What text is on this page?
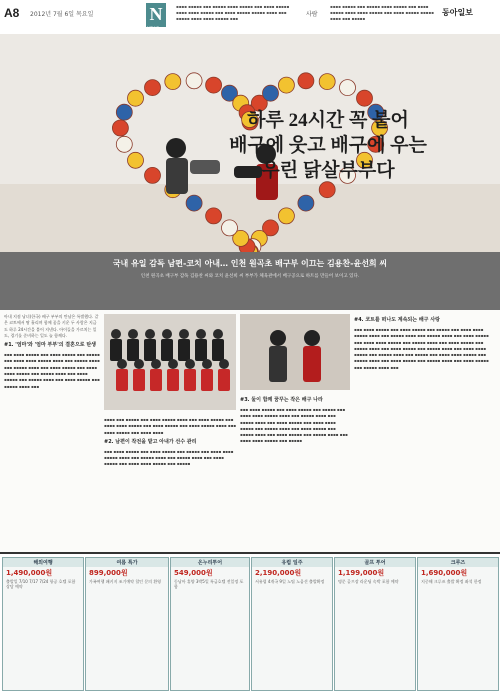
A8 2012년 7월 6일 목요일
▪▪▪▪ ▪▪▪▪▪ ▪▪▪ ▪▪▪▪▪ ▪▪▪▪ ▪▪▪▪▪ ▪▪▪ ▪▪▪▪ ▪▪▪▪▪ ▪▪▪▪ ▪▪▪▪ ▪▪▪▪▪ ▪▪▪ ▪▪▪▪ ▪▪▪▪▪ ▪▪▪▪▪ ▪▪▪▪ ▪▪▪ ▪▪▪▪▪ ▪▪▪▪ ▪▪▪▪ ▪▪▪▪▪ ▪▪▪
N
NEWS
사람
▪▪▪▪ ▪▪▪▪▪ ▪▪▪ ▪▪▪▪▪ ▪▪▪▪ ▪▪▪▪▪ ▪▪▪ ▪▪▪▪ ▪▪▪▪▪ ▪▪▪▪ ▪▪▪▪ ▪▪▪▪▪ ▪▪▪ ▪▪▪▪ ▪▪▪▪▪ ▪▪▪▪▪ ▪▪▪▪ ▪▪▪ ▪▪▪▪▪
동아일보
하루 24시간 꼭 붙어
배구에 웃고 배구에 우는
우린 닭살부부다
국내 유일 감독 남편-코치 아내… 인천 원곡초 배구부 이끄는 김용찬-윤선희 씨
인천 원곡초 배구부 감독 김용찬 씨와 코치 윤선희 씨 부부가 체육관에서 배구공으로 하트를 만들어 보이고 있다.
아내 지점 남녀(한국) 배구 부부의 만남은 특별했다. 같은 코트에서 땀 흘리며 함께 꿈을 키운 두 사람은 지금도 하루 24시간을 붙어 지낸다. 아이들을 가르치는 일도, 경기를 준비하는 일도 늘 함께다.
#1. '엄마'와 '엄마 부부'의 결혼으로 탄생
▪▪▪ ▪▪▪▪ ▪▪▪▪▪ ▪▪▪ ▪▪▪▪ ▪▪▪▪▪ ▪▪▪ ▪▪▪▪▪ ▪▪▪ ▪▪▪▪ ▪▪▪▪ ▪▪▪▪▪ ▪▪▪▪ ▪▪▪ ▪▪▪▪▪ ▪▪▪▪ ▪▪▪ ▪▪▪▪▪ ▪▪▪▪ ▪▪▪ ▪▪▪▪ ▪▪▪▪▪ ▪▪▪ ▪▪▪▪ ▪▪▪▪ ▪▪▪▪▪ ▪▪▪ ▪▪▪▪▪ ▪▪▪▪ ▪▪▪ ▪▪▪▪ ▪▪▪▪▪ ▪▪▪ ▪▪▪▪▪ ▪▪▪▪ ▪▪▪ ▪▪▪▪ ▪▪▪▪▪ ▪▪▪ ▪▪▪▪▪ ▪▪▪▪ ▪▪▪
▪▪▪▪ ▪▪▪ ▪▪▪▪▪ ▪▪▪ ▪▪▪▪ ▪▪▪▪▪ ▪▪▪▪ ▪▪▪ ▪▪▪▪ ▪▪▪▪▪ ▪▪▪ ▪▪▪▪ ▪▪▪▪ ▪▪▪▪▪ ▪▪▪ ▪▪▪▪ ▪▪▪▪▪ ▪▪▪ ▪▪▪▪ ▪▪▪▪▪ ▪▪▪▪ ▪▪▪ ▪▪▪▪ ▪▪▪▪▪ ▪▪▪ ▪▪▪▪ ▪▪▪▪
#2. 남편이 작전을 맡고 아내가 선수 관리
▪▪▪ ▪▪▪▪ ▪▪▪▪▪ ▪▪▪ ▪▪▪▪ ▪▪▪▪▪ ▪▪▪ ▪▪▪▪▪ ▪▪▪ ▪▪▪▪ ▪▪▪▪ ▪▪▪▪▪ ▪▪▪▪ ▪▪▪ ▪▪▪▪▪ ▪▪▪▪ ▪▪▪ ▪▪▪▪▪ ▪▪▪▪ ▪▪▪ ▪▪▪▪ ▪▪▪▪▪ ▪▪▪ ▪▪▪▪ ▪▪▪▪ ▪▪▪▪▪ ▪▪▪ ▪▪▪▪▪
#3. 둘이 함께 꿈꾸는 작은 배구 나라
▪▪▪ ▪▪▪▪ ▪▪▪▪▪ ▪▪▪ ▪▪▪▪ ▪▪▪▪▪ ▪▪▪ ▪▪▪▪▪ ▪▪▪ ▪▪▪▪ ▪▪▪▪ ▪▪▪▪▪ ▪▪▪▪ ▪▪▪ ▪▪▪▪▪ ▪▪▪▪ ▪▪▪ ▪▪▪▪▪ ▪▪▪▪ ▪▪▪ ▪▪▪▪ ▪▪▪▪▪ ▪▪▪ ▪▪▪▪ ▪▪▪▪ ▪▪▪▪▪ ▪▪▪ ▪▪▪▪▪ ▪▪▪▪ ▪▪▪ ▪▪▪▪ ▪▪▪▪▪ ▪▪▪ ▪▪▪▪▪ ▪▪▪▪ ▪▪▪ ▪▪▪▪ ▪▪▪▪▪ ▪▪▪ ▪▪▪▪▪ ▪▪▪▪ ▪▪▪ ▪▪▪▪ ▪▪▪▪ ▪▪▪▪▪ ▪▪▪ ▪▪▪▪▪
#4. 코트를 떠나도 계속되는 배구 사랑
▪▪▪ ▪▪▪▪ ▪▪▪▪▪ ▪▪▪ ▪▪▪▪ ▪▪▪▪▪ ▪▪▪ ▪▪▪▪▪ ▪▪▪ ▪▪▪▪ ▪▪▪▪ ▪▪▪▪▪ ▪▪▪▪ ▪▪▪ ▪▪▪▪▪ ▪▪▪▪ ▪▪▪ ▪▪▪▪▪ ▪▪▪▪ ▪▪▪ ▪▪▪▪ ▪▪▪▪▪ ▪▪▪ ▪▪▪▪ ▪▪▪▪ ▪▪▪▪▪ ▪▪▪ ▪▪▪▪▪ ▪▪▪▪ ▪▪▪ ▪▪▪▪ ▪▪▪▪▪ ▪▪▪ ▪▪▪▪▪ ▪▪▪▪ ▪▪▪ ▪▪▪▪ ▪▪▪▪▪ ▪▪▪ ▪▪▪▪▪ ▪▪▪▪ ▪▪▪ ▪▪▪▪ ▪▪▪▪ ▪▪▪▪▪ ▪▪▪ ▪▪▪▪▪ ▪▪▪▪ ▪▪▪ ▪▪▪▪▪ ▪▪▪ ▪▪▪▪ ▪▪▪▪ ▪▪▪▪▪ ▪▪▪ ▪▪▪▪▪ ▪▪▪▪ ▪▪▪ ▪▪▪▪ ▪▪▪▪▪ ▪▪▪ ▪▪▪▪▪ ▪▪▪▪ ▪▪▪ ▪▪▪▪ ▪▪▪▪▪ ▪▪▪ ▪▪▪▪▪ ▪▪▪▪ ▪▪▪
해외여행
1,490,000원
출발일 7/10 7/17 7/24 항공 호텔 포함 상담 예약
여름 특가
899,000원
가족여행 패키지 조기예약 할인 문의 환영
온누리투어
549,000원
동남아 휴양 3박5일 특급호텔 전일정 포함
유럽 일주
2,190,000원
서유럽 4개국 9일 노팁 노옵션 출발확정
골프 투어
1,199,000원
명문 골프장 라운딩 숙박 포함 예약
크루즈
1,690,000원
지중해 크루즈 출발 확정 좌석 한정
